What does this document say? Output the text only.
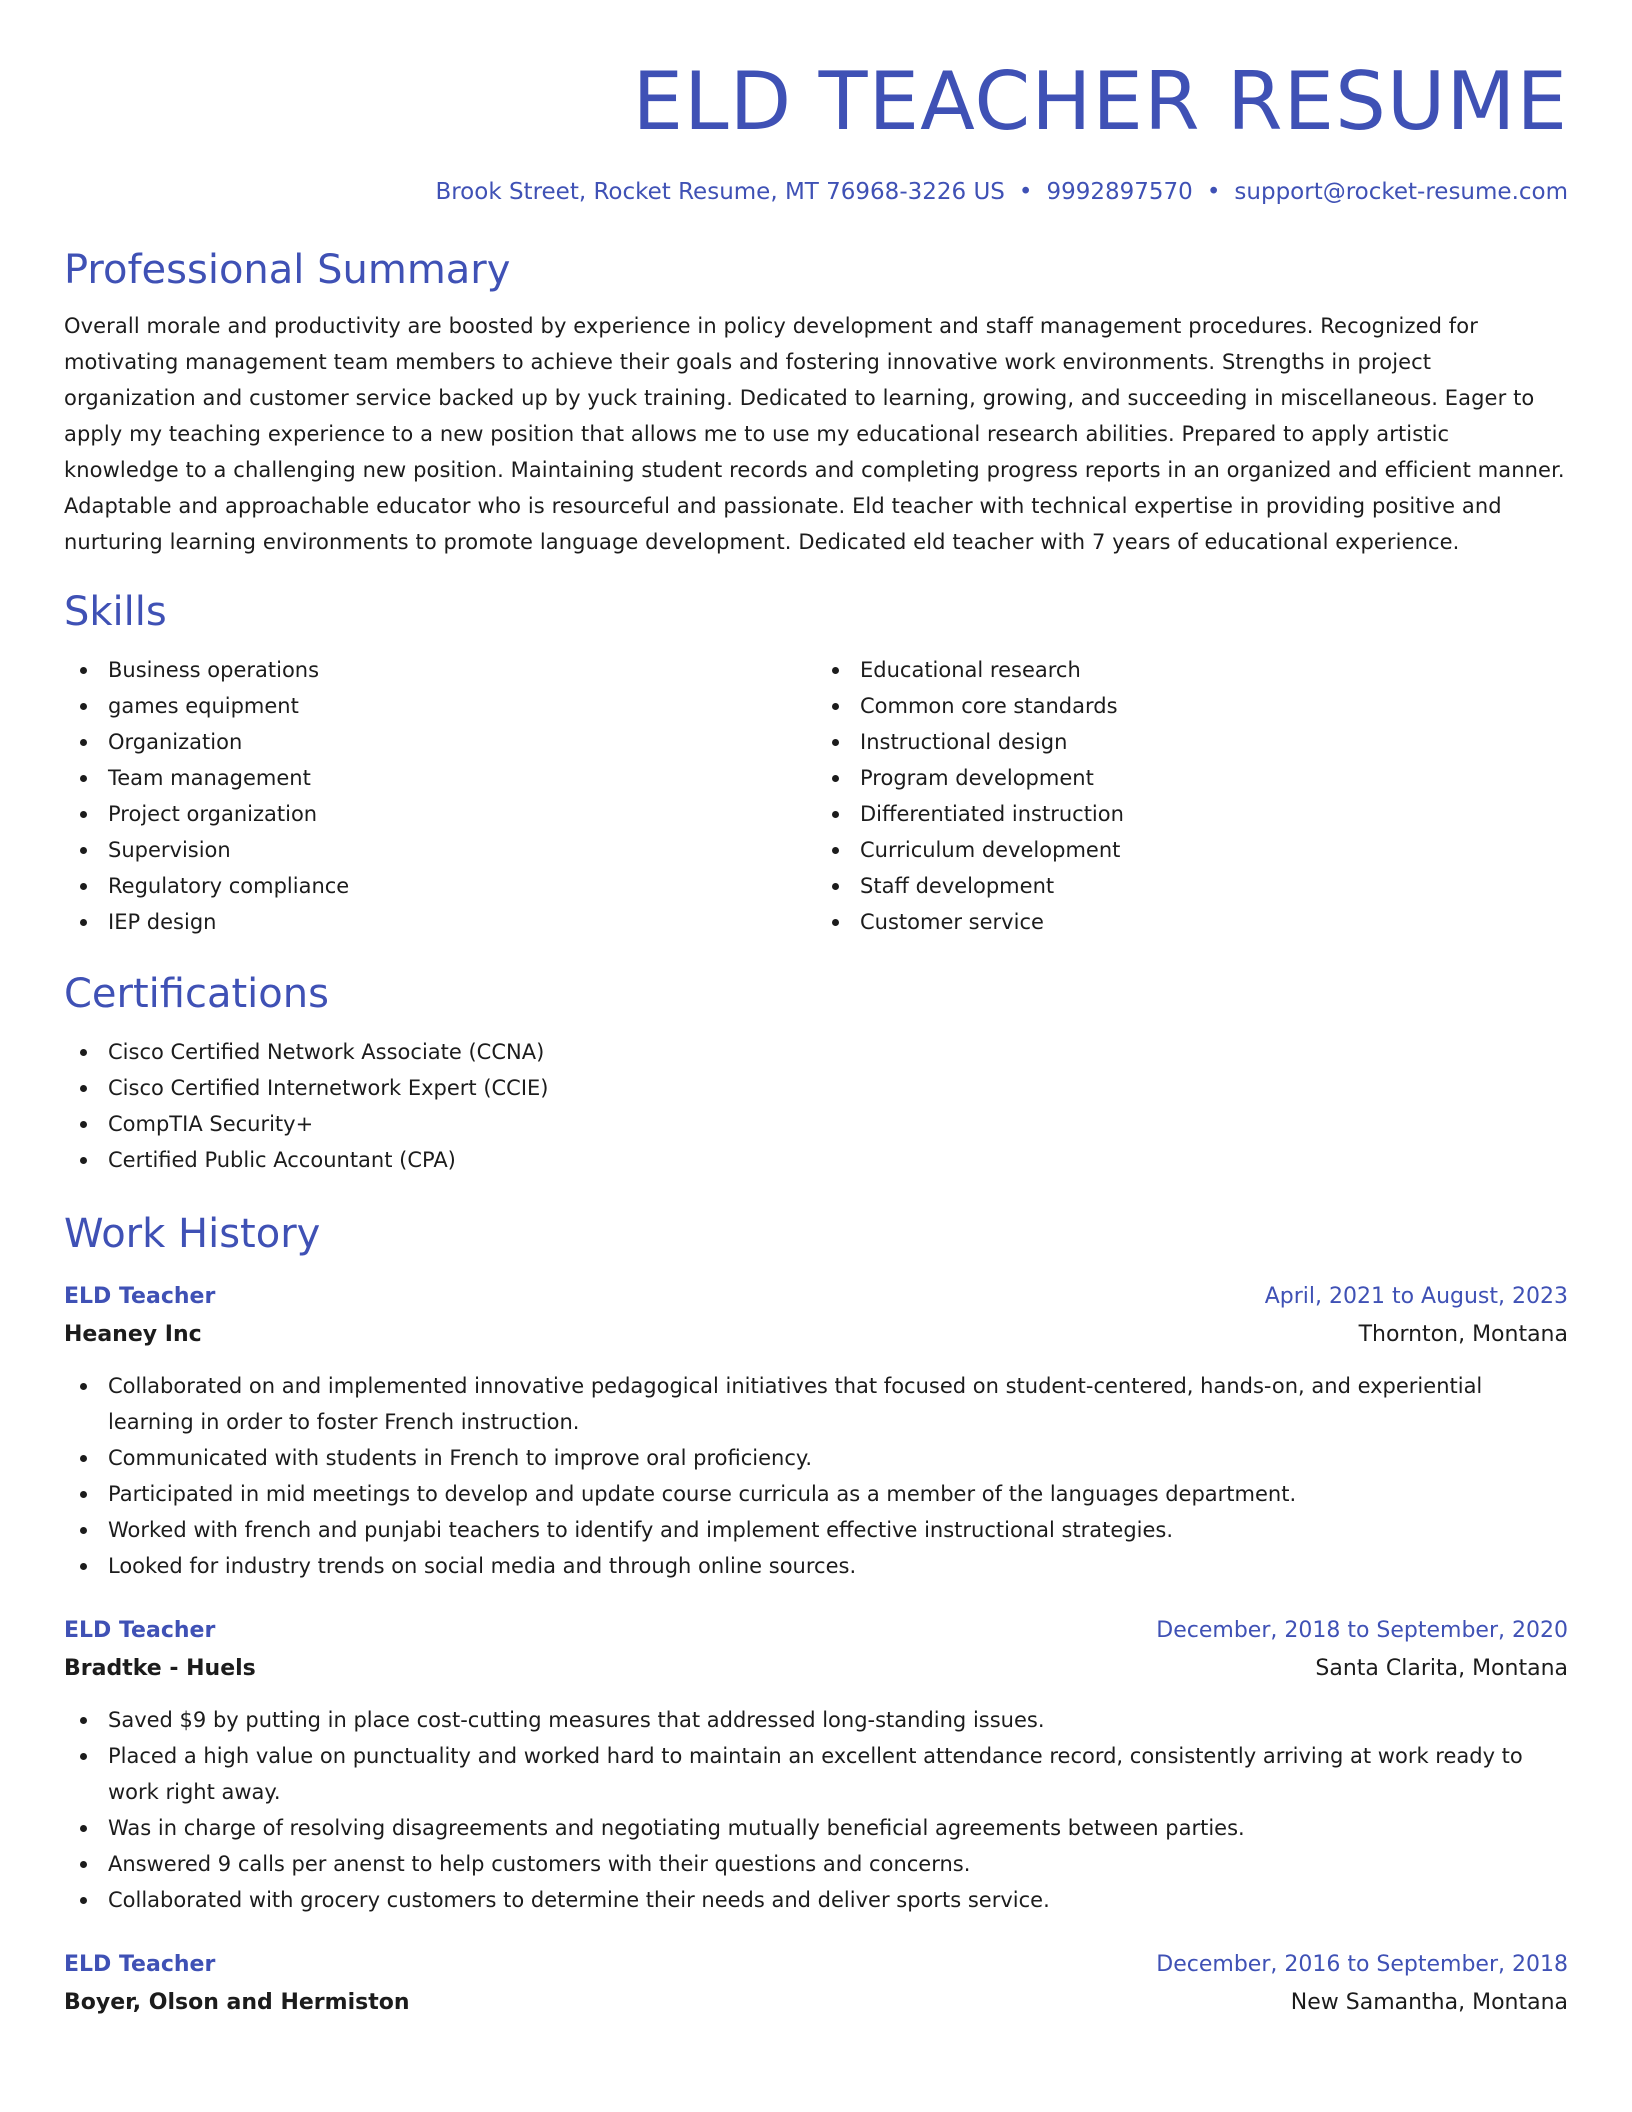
ELD TEACHER RESUME
Brook Street, Rocket Resume, MT 76968-3226 US • 9992897570 • support@rocket-resume.com
Professional Summary

Overall morale and productivity are boosted by experience in policy development and staff management procedures. Recognized for motivating management team members to achieve their goals and fostering innovative work environments. Strengths in project organization and customer service backed up by yuck training. Dedicated to learning, growing, and succeeding in miscellaneous. Eager to apply my teaching experience to a new position that allows me to use my educational research abilities. Prepared to apply artistic knowledge to a challenging new position. Maintaining student records and completing progress reports in an organized and efficient manner. Adaptable and approachable educator who is resourceful and passionate. Eld teacher with technical expertise in providing positive and nurturing learning environments to promote language development. Dedicated eld teacher with 7 years of educational experience.

Skills
Business operations
games equipment
Organization
Team management
Project organization
Supervision
Regulatory compliance
IEP design
Educational research
Common core standards
Instructional design
Program development
Differentiated instruction
Curriculum development
Staff development
Customer service
Certifications
Cisco Certified Network Associate (CCNA)
Cisco Certified Internetwork Expert (CCIE)
CompTIA Security+
Certified Public Accountant (CPA)
Work History
ELD Teacher	April, 2021 to August, 2023
Heaney Inc	Thornton, Montana
Collaborated on and implemented innovative pedagogical initiatives that focused on student-centered, hands-on, and experiential learning in order to foster French instruction.
Communicated with students in French to improve oral proficiency.
Participated in mid meetings to develop and update course curricula as a member of the languages department.
Worked with french and punjabi teachers to identify and implement effective instructional strategies.
Looked for industry trends on social media and through online sources.
ELD Teacher	December, 2018 to September, 2020
Bradtke - Huels	Santa Clarita, Montana
Saved $9 by putting in place cost-cutting measures that addressed long-standing issues.
Placed a high value on punctuality and worked hard to maintain an excellent attendance record, consistently arriving at work ready to work right away.
Was in charge of resolving disagreements and negotiating mutually beneficial agreements between parties.
Answered 9 calls per anenst to help customers with their questions and concerns.
Collaborated with grocery customers to determine their needs and deliver sports service.
ELD Teacher	December, 2016 to September, 2018
Boyer, Olson and Hermiston	New Samantha, Montana
